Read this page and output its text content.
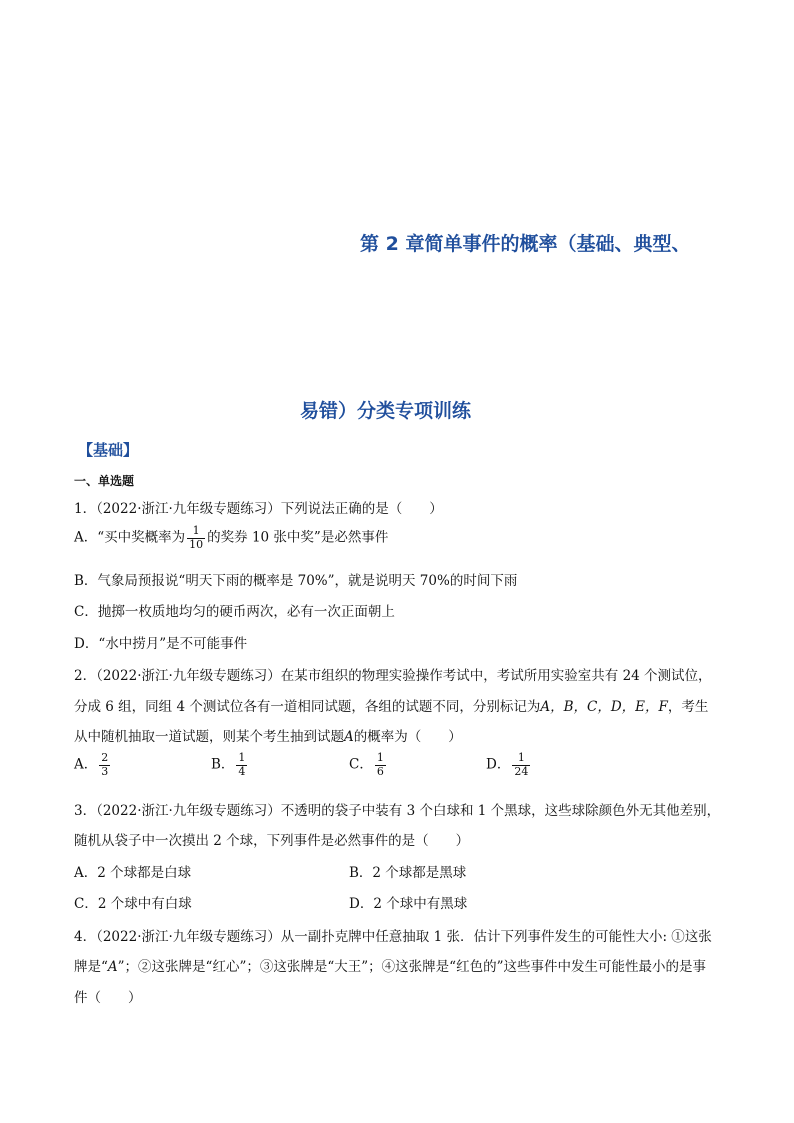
第 2 章简单事件的概率（基础、典型、
易错）分类专项训练
【基础】
一、单选题
1．（2022·浙江·九年级专题练习）下列说法正确的是（　　）
A．“买中奖概率为 $\frac{1}{10}$ 的奖券 10 张中奖”是必然事件
B．气象局预报说“明天下雨的概率是 70%”，就是说明天 70%的时间下雨
C．抛掷一枚质地均匀的硬币两次，必有一次正面朝上
D．“水中捞月”是不可能事件
2．（2022·浙江·九年级专题练习）在某市组织的物理实验操作考试中，考试所用实验室共有 24 个测试位，
分成 6 组，同组 4 个测试位各有一道相同试题，各组的试题不同，分别标记为A，B，C，D，E，F，考生
从中随机抽取一道试题，则某个考生抽到试题A的概率为（　　）
A． $\frac{2}{3}$	B． $\frac{1}{4}$	C． $\frac{1}{6}$	D． $\frac{1}{24}$
3．（2022·浙江·九年级专题练习）不透明的袋子中装有 3 个白球和 1 个黑球，这些球除颜色外无其他差别，
随机从袋子中一次摸出 2 个球，下列事件是必然事件的是（　　）
A．2 个球都是白球	B．2 个球都是黑球
C．2 个球中有白球	D．2 个球中有黑球
4．（2022·浙江·九年级专题练习）从一副扑克牌中任意抽取 1 张．估计下列事件发生的可能性大小: ①这张
牌是“A”；②这张牌是“红心”；③这张牌是“大王”；④这张牌是“红色的”这些事件中发生可能性最小的是事
件（　　）
